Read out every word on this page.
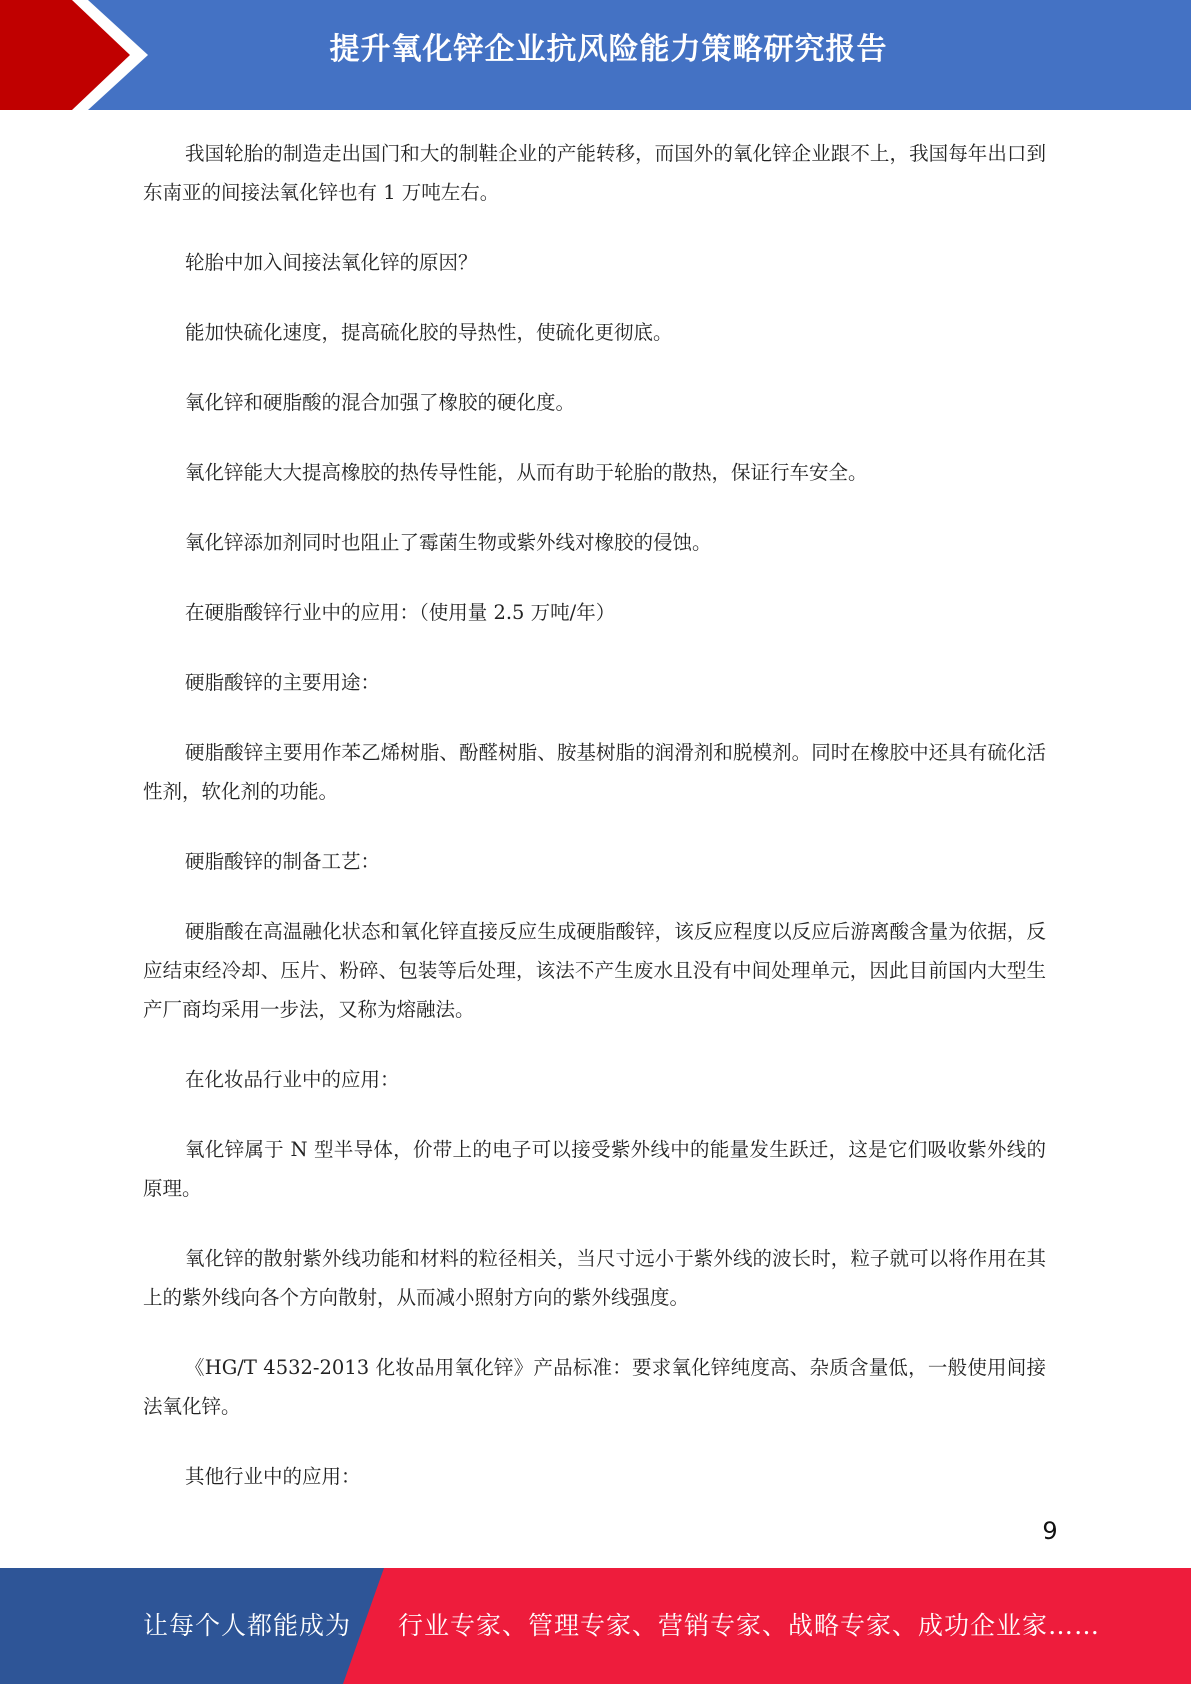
提升氧化锌企业抗风险能力策略研究报告

我国轮胎的制造走出国门和大的制鞋企业的产能转移，而国外的氧化锌企业跟不上，我国每年出口到东南亚的间接法氧化锌也有 1 万吨左右。

轮胎中加入间接法氧化锌的原因？

能加快硫化速度，提高硫化胶的导热性，使硫化更彻底。

氧化锌和硬脂酸的混合加强了橡胶的硬化度。

氧化锌能大大提高橡胶的热传导性能，从而有助于轮胎的散热，保证行车安全。

氧化锌添加剂同时也阻止了霉菌生物或紫外线对橡胶的侵蚀。

在硬脂酸锌行业中的应用：（使用量 2.5 万吨/年）

硬脂酸锌的主要用途：

硬脂酸锌主要用作苯乙烯树脂、酚醛树脂、胺基树脂的润滑剂和脱模剂。同时在橡胶中还具有硫化活性剂，软化剂的功能。

硬脂酸锌的制备工艺：

硬脂酸在高温融化状态和氧化锌直接反应生成硬脂酸锌，该反应程度以反应后游离酸含量为依据，反应结束经冷却、压片、粉碎、包装等后处理，该法不产生废水且没有中间处理单元，因此目前国内大型生产厂商均采用一步法，又称为熔融法。

在化妆品行业中的应用：

氧化锌属于 N 型半导体，价带上的电子可以接受紫外线中的能量发生跃迁，这是它们吸收紫外线的原理。

氧化锌的散射紫外线功能和材料的粒径相关，当尺寸远小于紫外线的波长时，粒子就可以将作用在其上的紫外线向各个方向散射，从而减小照射方向的紫外线强度。

《HG/T 4532-2013 化妆品用氧化锌》产品标准：要求氧化锌纯度高、杂质含量低，一般使用间接法氧化锌。

其他行业中的应用：

9
让每个人都能成为 行业专家、管理专家、营销专家、战略专家、成功企业家……
